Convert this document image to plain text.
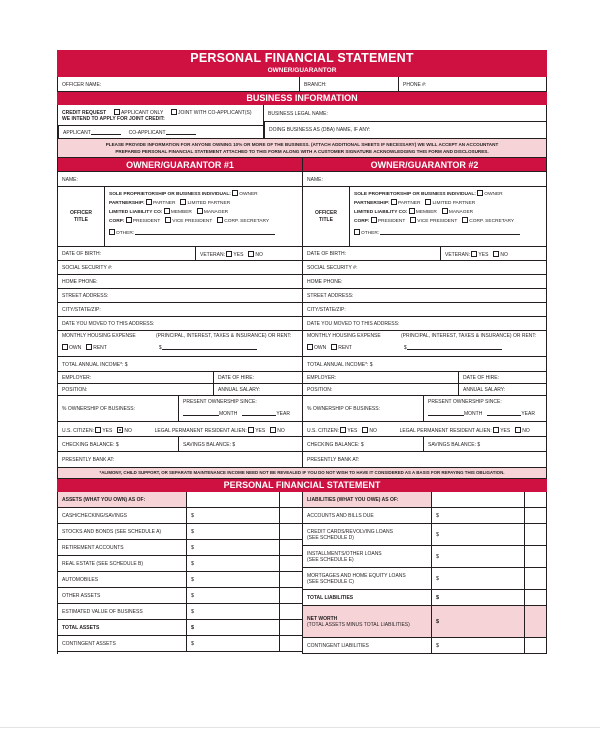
PERSONAL FINANCIAL STATEMENT
OWNER/GUARANTOR
OFFICER NAME:	BRANCH:	PHONE #:
BUSINESS INFORMATION
CREDIT REQUEST	APPLICANT ONLY	JOINT WITH CO-APPLICANT(S)
WE INTEND TO APPLY FOR JOINT CREDIT:
APPLICANT	CO-APPLICANT
BUSINESS LEGAL NAME:
DOING BUSINESS AS (DBA) NAME, IF ANY:
PLEASE PROVIDE INFORMATION FOR ANYONE OWNING 10% OR MORE OF THE BUSINESS. (ATTACH ADDITIONAL SHEETS IF NECESSARY) WE WILL ACCEPT AN ACCOUNTANT
PREPARED PERSONAL FINANCIAL STATEMENT ATTACHED TO THIS FORM ALONG WITH A CUSTOMER SIGNATURE ACKNOWLEDGING THIS FORM AND DISCLOSURES.
OWNER/GUARANTOR #1
NAME:
OFFICER TITLE
SOLE PROPRIETORSHIP OR BUSINESS INDIVIDUAL: OWNER
PARTNERSHIP: PARTNER	LIMITED PARTNER
LIMITED LIABILITY CO: MEMBER	MANAGER
CORP: PRESIDENT	VICE PRESIDENT	CORP. SECRETARY
OTHER:
DATE OF BIRTH:	VETERAN: YES NO
SOCIAL SECURITY #:
HOME PHONE:
STREET ADDRESS:
CITY/STATE/ZIP:
DATE YOU MOVED TO THIS ADDRESS:
MONTHLY HOUSING EXPENSE	(PRINCIPAL, INTEREST, TAXES & INSURANCE) OR RENT:
OWN RENT	$
TOTAL ANNUAL INCOME*: $
EMPLOYER:	DATE OF HIRE:
POSITION:	ANNUAL SALARY:
% OWNERSHIP OF BUSINESS:
PRESENT OWNERSHIP SINCE:
MONTH	YEAR
U.S. CITIZEN: YES NO	LEGAL PERMANENT RESIDENT ALIEN: YES NO
CHECKING BALANCE: $	SAVINGS BALANCE: $
PRESENTLY BANK AT:
OWNER/GUARANTOR #2
NAME:
OFFICER TITLE
SOLE PROPRIETORSHIP OR BUSINESS INDIVIDUAL: OWNER
PARTNERSHIP: PARTNER	LIMITED PARTNER
LIMITED LIABILITY CO: MEMBER	MANAGER
CORP: PRESIDENT	VICE PRESIDENT	CORP. SECRETARY
OTHER:
DATE OF BIRTH:	VETERAN: YES NO
SOCIAL SECURITY #:
HOME PHONE:
STREET ADDRESS:
CITY/STATE/ZIP:
DATE YOU MOVED TO THIS ADDRESS:
MONTHLY HOUSING EXPENSE	(PRINCIPAL, INTEREST, TAXES & INSURANCE) OR RENT:
OWN RENT	$
TOTAL ANNUAL INCOME*: $
EMPLOYER:	DATE OF HIRE:
POSITION:	ANNUAL SALARY:
% OWNERSHIP OF BUSINESS:
PRESENT OWNERSHIP SINCE:
MONTH	YEAR
U.S. CITIZEN: YES NO	LEGAL PERMANENT RESIDENT ALIEN: YES NO
CHECKING BALANCE: $	SAVINGS BALANCE: $
PRESENTLY BANK AT:
*ALIMONY, CHILD SUPPORT, OR SEPARATE MAINTENANCE INCOME NEED NOT BE REVEALED IF YOU DO NOT WISH TO HAVE IT CONSIDERED AS A BASIS FOR REPAYING THIS OBLIGATION.
PERSONAL FINANCIAL STATEMENT
ASSETS (WHAT YOU OWN) AS OF:
CASH/CHECKING/SAVINGS	$
STOCKS AND BONDS (SEE SCHEDULE A)	$
RETIREMENT ACCOUNTS	$
REAL ESTATE (SEE SCHEDULE B)	$
AUTOMOBILES	$
OTHER ASSETS	$
ESTIMATED VALUE OF BUSINESS	$
TOTAL ASSETS	$
CONTINGENT ASSETS	$
LIABILITIES (WHAT YOU OWE) AS OF:
ACCOUNTS AND BILLS DUE	$
CREDIT CARDS/REVOLVING LOANS
(SEE SCHEDULE D)	$
INSTALLMENTS/OTHER LOANS
(SEE SCHEDULE E)	$
MORTGAGES AND HOME EQUITY LOANS
(SEE SCHEDULE C)	$
TOTAL LIABILITIES	$
NET WORTH
(TOTAL ASSETS MINUS TOTAL LIABILITIES)	$
CONTINGENT LIABILITIES	$
